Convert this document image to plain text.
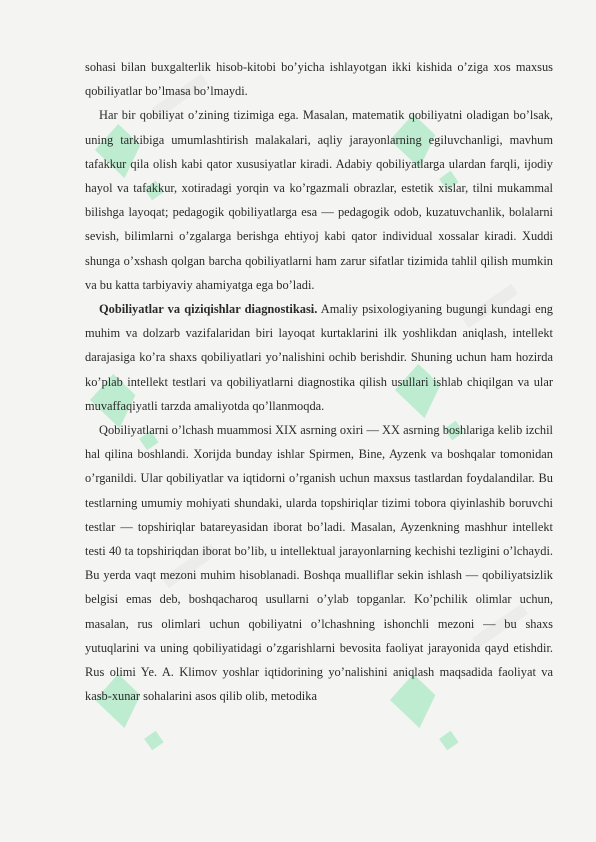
sohasi bilan buxgalterlik hisob-kitobi bo’yicha ishlayotgan ikki kishida o’ziga xos maxsus qobiliyatlar bo’lmasa bo’lmaydi.

Har bir qobiliyat o’zining tizimiga ega. Masalan, matematik qobiliyatni oladigan bo’lsak, uning tarkibiga umumlashtirish malakalari, aqliy jarayonlarning egiluvchanligi, mavhum tafakkur qila olish kabi qator xususiyatlar kiradi. Adabiy qobiliyatlarga ulardan farqli, ijodiy hayol va tafakkur, xotiradagi yorqin va ko’rgazmali obrazlar, estetik xislar, tilni mukammal bilishga layoqat; pedagogik qobiliyatlarga esa — pedagogik odob, kuzatuvchanlik, bolalarni sevish, bilimlarni o’zgalarga berishga ehtiyoj kabi qator individual xossalar kiradi. Xuddi shunga o’xshash qolgan barcha qobiliyatlarni ham zarur sifatlar tizimida tahlil qilish mumkin va bu katta tarbiyaviy ahamiyatga ega bo’ladi.

Qobiliyatlar va qiziqishlar diagnostikasi. Amaliy psixologiyaning bugungi kundagi eng muhim va dolzarb vazifalaridan biri layoqat kurtaklarini ilk yoshlikdan aniqlash, intellekt darajasiga ko’ra shaxs qobiliyatlari yo’nalishini ochib berishdir. Shuning uchun ham hozirda ko’plab intellekt testlari va qobiliyatlarni diagnostika qilish usullari ishlab chiqilgan va ular muvaffaqiyatli tarzda amaliyotda qo’llanmoqda.

Qobiliyatlarni o’lchash muammosi XIX asrning oxiri — XX asrning boshlariga kelib izchil hal qilina boshlandi. Xorijda bunday ishlar Spirmen, Bine, Ayzenk va boshqalar tomonidan o’rganildi. Ular qobiliyatlar va iqtidorni o’rganish uchun maxsus tastlardan foydalandilar. Bu testlarning umumiy mohiyati shundaki, ularda topshiriqlar tizimi tobora qiyinlashib boruvchi testlar — topshiriqlar batareyasidan iborat bo’ladi. Masalan, Ayzenkning mashhur intellekt testi 40 ta topshiriqdan iborat bo’lib, u intellektual jarayonlarning kechishi tezligini o’lchaydi. Bu yerda vaqt mezoni muhim hisoblanadi. Boshqa mualliflar sekin ishlash — qobiliyatsizlik belgisi emas deb, boshqacharoq usullarni o’ylab topganlar. Ko’pchilik olimlar uchun, masalan, rus olimlari uchun qobiliyatni o’lchashning ishonchli mezoni — bu shaxs yutuqlarini va uning qobiliyatidagi o’zgarishlarni bevosita faoliyat jarayonida qayd etishdir. Rus olimi Ye. A. Klimov yoshlar iqtidorining yo’nalishini aniqlash maqsadida faoliyat va kasb-xunar sohalarini asos qilib olib, metodika
